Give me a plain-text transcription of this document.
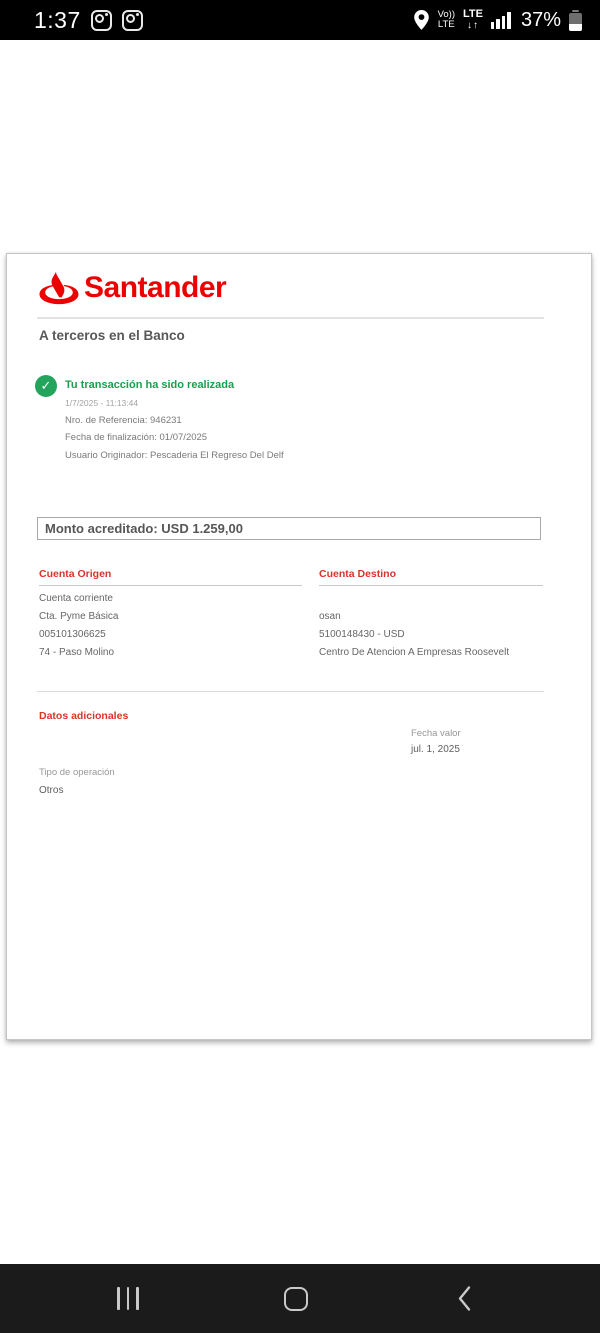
1:37	Vo))
LTE
LTE
↓↑ 37%
Santander
A terceros en el Banco
✓	Tu transacción ha sido realizada
1/7/2025 - 11:13:44
Nro. de Referencia: 946231
Fecha de finalización: 01/07/2025
Usuario Originador: Pescaderia El Regreso Del Delf
Monto acreditado: USD 1.259,00
Cuenta Origen
Cuenta corriente
Cta. Pyme Básica
005101306625
74 - Paso Molino
Cuenta Destino
osan
5100148430 - USD
Centro De Atencion A Empresas Roosevelt
Datos adicionales
Fecha valor
jul. 1, 2025
Tipo de operación
Otros
